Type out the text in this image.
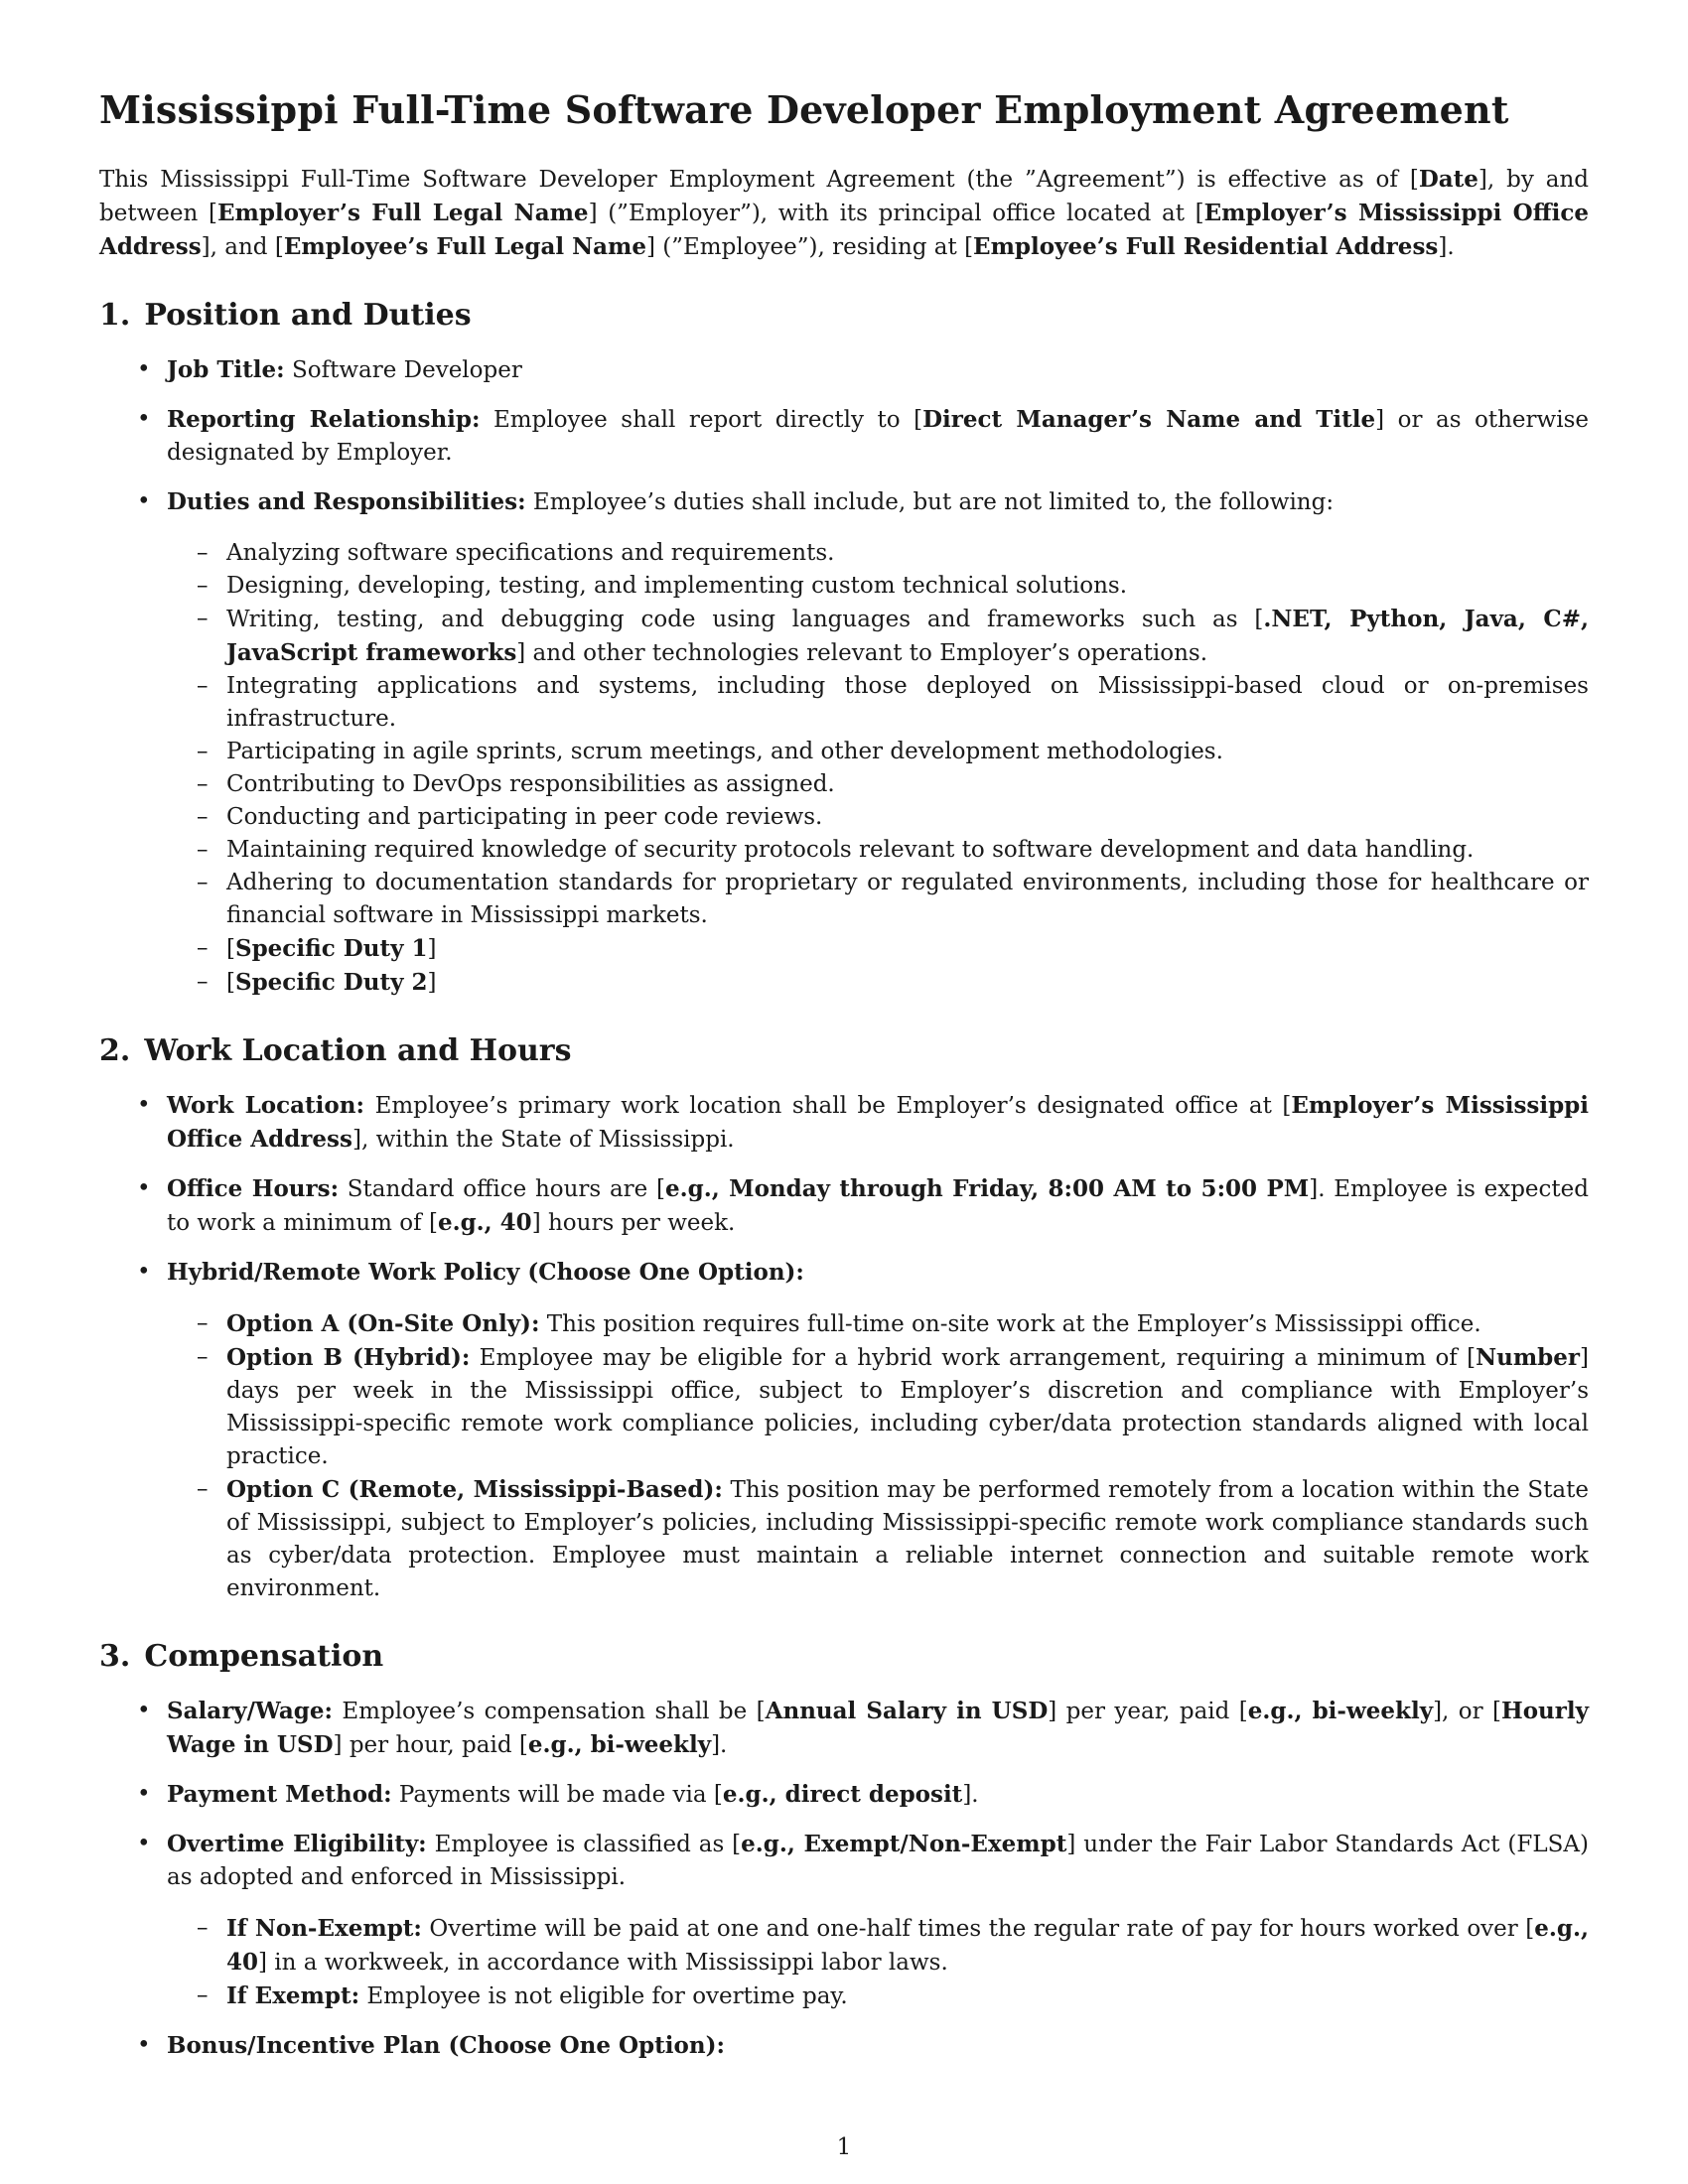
Mississippi Full-Time Software Developer Employment Agreement

This Mississippi Full-Time Software Developer Employment Agreement (the ”Agreement”) is effective as of [Date], by and between [Employer’s Full Legal Name] (”Employer”), with its principal office located at [Employer’s Mississippi Office Address], and [Employee’s Full Legal Name] (”Employee”), residing at [Employee’s Full Residential Address].

1. Position and Duties
• Job Title: Software Developer
• Reporting Relationship: Employee shall report directly to [Direct Manager’s Name and Title] or as otherwise designated by Employer.
• Duties and Responsibilities: Employee’s duties shall include, but are not limited to, the following:
– Analyzing software specifications and requirements.
– Designing, developing, testing, and implementing custom technical solutions.
– Writing, testing, and debugging code using languages and frameworks such as [.NET, Python, Java, C#, JavaScript frameworks] and other technologies relevant to Employer’s operations.
– Integrating applications and systems, including those deployed on Mississippi-based cloud or on-premises infrastructure.
– Participating in agile sprints, scrum meetings, and other development methodologies.
– Contributing to DevOps responsibilities as assigned.
– Conducting and participating in peer code reviews.
– Maintaining required knowledge of security protocols relevant to software development and data handling.
– Adhering to documentation standards for proprietary or regulated environments, including those for healthcare or financial software in Mississippi markets.
– [Specific Duty 1]
– [Specific Duty 2]
2. Work Location and Hours
• Work Location: Employee’s primary work location shall be Employer’s designated office at [Employer’s Mississippi Office Address], within the State of Mississippi.
• Office Hours: Standard office hours are [e.g., Monday through Friday, 8:00 AM to 5:00 PM]. Employee is expected to work a minimum of [e.g., 40] hours per week.
• Hybrid/Remote Work Policy (Choose One Option):
– Option A (On-Site Only): This position requires full-time on-site work at the Employer’s Mississippi office.
– Option B (Hybrid): Employee may be eligible for a hybrid work arrangement, requiring a minimum of [Number] days per week in the Mississippi office, subject to Employer’s discretion and compliance with Employer’s Mississippi-specific remote work compliance policies, including cyber/data protection standards aligned with local practice.
– Option C (Remote, Mississippi-Based): This position may be performed remotely from a location within the State of Mississippi, subject to Employer’s policies, including Mississippi-specific remote work compliance standards such as cyber/data protection. Employee must maintain a reliable internet connection and suitable remote work environment.
3. Compensation
• Salary/Wage: Employee’s compensation shall be [Annual Salary in USD] per year, paid [e.g., bi-weekly], or [Hourly Wage in USD] per hour, paid [e.g., bi-weekly].
• Payment Method: Payments will be made via [e.g., direct deposit].
• Overtime Eligibility: Employee is classified as [e.g., Exempt/Non-Exempt] under the Fair Labor Standards Act (FLSA) as adopted and enforced in Mississippi.
– If Non-Exempt: Overtime will be paid at one and one-half times the regular rate of pay for hours worked over [e.g., 40] in a workweek, in accordance with Mississippi labor laws.
– If Exempt: Employee is not eligible for overtime pay.
• Bonus/Incentive Plan (Choose One Option):
1
